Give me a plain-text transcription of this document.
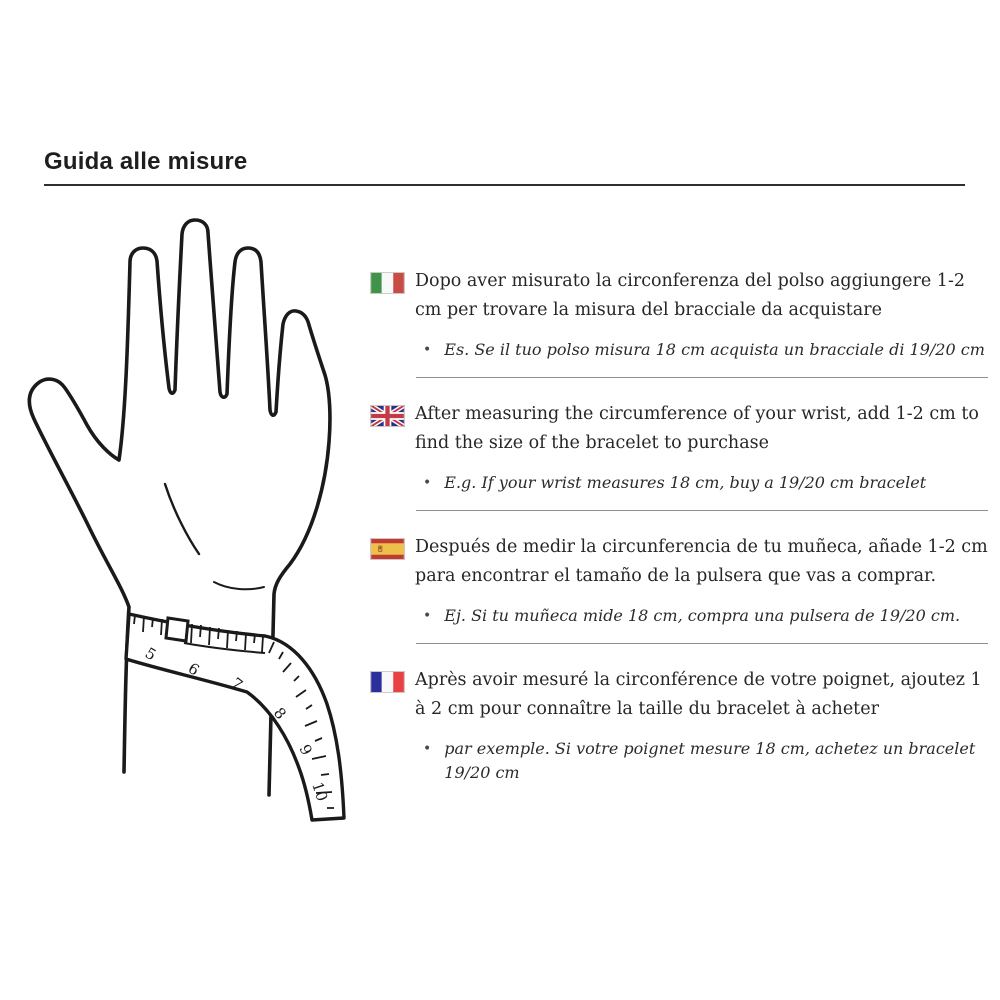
Guida alle misure
5
6
7
8
9
10

Dopo aver misurato la circonferenza del polso aggiungere 1-2 cm per trovare la misura del bracciale da acquistare

• Es. Se il tuo polso misura 18 cm acquista un bracciale di 19/20 cm

After measuring the circumference of your wrist, add 1-2 cm to find the size of the bracelet to purchase

• E.g. If your wrist measures 18 cm, buy a 19/20 cm bracelet

Después de medir la circunferencia de tu muñeca, añade 1-2 cm para encontrar el tamaño de la pulsera que vas a comprar.

• Ej. Si tu muñeca mide 18 cm, compra una pulsera de 19/20 cm.

Après avoir mesuré la circonférence de votre poignet, ajoutez 1 à 2 cm pour connaître la taille du bracelet à acheter

• par exemple. Si votre poignet mesure 18 cm, achetez un bracelet 19/20 cm
